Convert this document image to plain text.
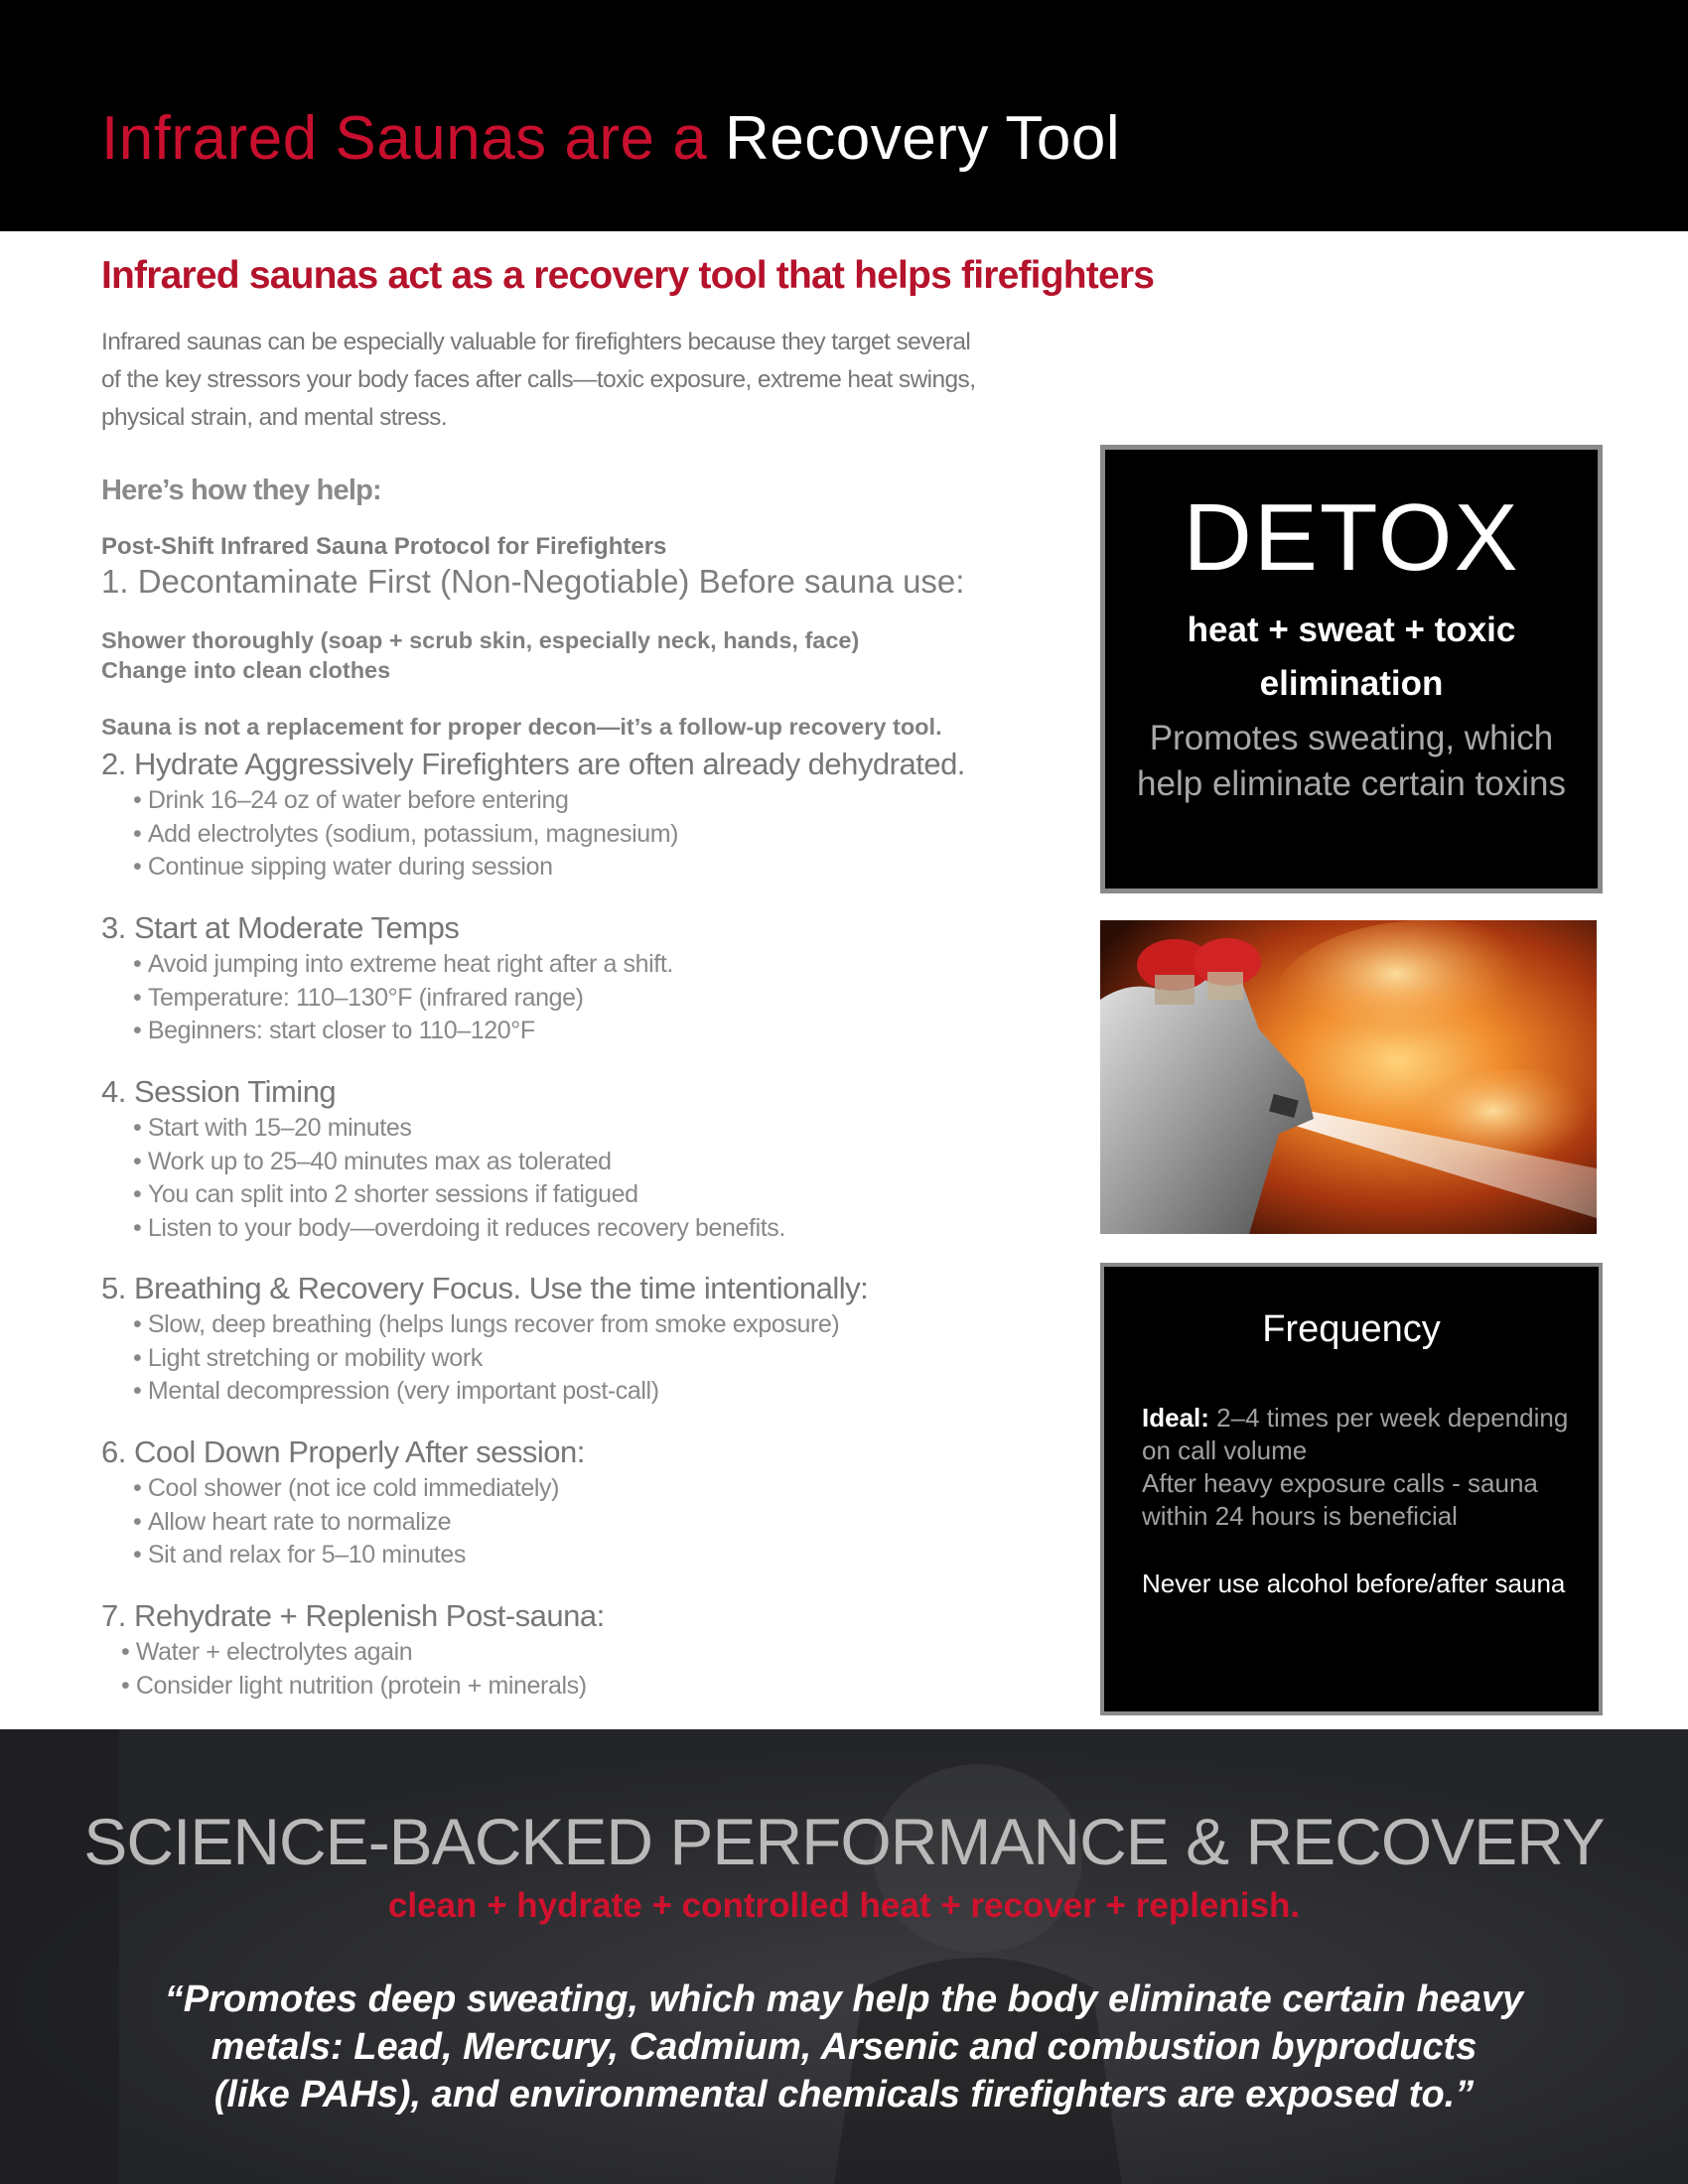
Infrared Saunas are a Recovery Tool
Infrared saunas act as a recovery tool that helps firefighters
Infrared saunas can be especially valuable for firefighters because they target several
of the key stressors your body faces after calls—toxic exposure, extreme heat swings,
physical strain, and mental stress.
Here’s how they help:
Post-Shift Infrared Sauna Protocol for Firefighters
1. Decontaminate First (Non-Negotiable) Before sauna use:
Shower thoroughly (soap + scrub skin, especially neck, hands, face)
Change into clean clothes
Sauna is not a replacement for proper decon—it’s a follow-up recovery tool.
2. Hydrate Aggressively Firefighters are often already dehydrated.
• Drink 16–24 oz of water before entering
• Add electrolytes (sodium, potassium, magnesium)
• Continue sipping water during session
3. Start at Moderate Temps
• Avoid jumping into extreme heat right after a shift.
• Temperature: 110–130°F (infrared range)
• Beginners: start closer to 110–120°F
4. Session Timing
• Start with 15–20 minutes
• Work up to 25–40 minutes max as tolerated
• You can split into 2 shorter sessions if fatigued
• Listen to your body—overdoing it reduces recovery benefits.
5. Breathing & Recovery Focus. Use the time intentionally:
• Slow, deep breathing (helps lungs recover from smoke exposure)
• Light stretching or mobility work
• Mental decompression (very important post-call)
6. Cool Down Properly After session:
• Cool shower (not ice cold immediately)
• Allow heart rate to normalize
• Sit and relax for 5–10 minutes
7. Rehydrate + Replenish Post-sauna:
• Water + electrolytes again
• Consider light nutrition (protein + minerals)
DETOX
heat + sweat + toxic elimination
Promotes sweating, which help eliminate certain toxins
Frequency
Ideal: 2–4 times per week depending on call volume
After heavy exposure calls - sauna within 24 hours is beneficial
Never use alcohol before/after sauna
SCIENCE-BACKED PERFORMANCE & RECOVERY
clean + hydrate + controlled heat + recover + replenish.
“Promotes deep sweating, which may help the body eliminate certain heavy
metals: Lead, Mercury, Cadmium, Arsenic and combustion byproducts
(like PAHs), and environmental chemicals firefighters are exposed to.”
